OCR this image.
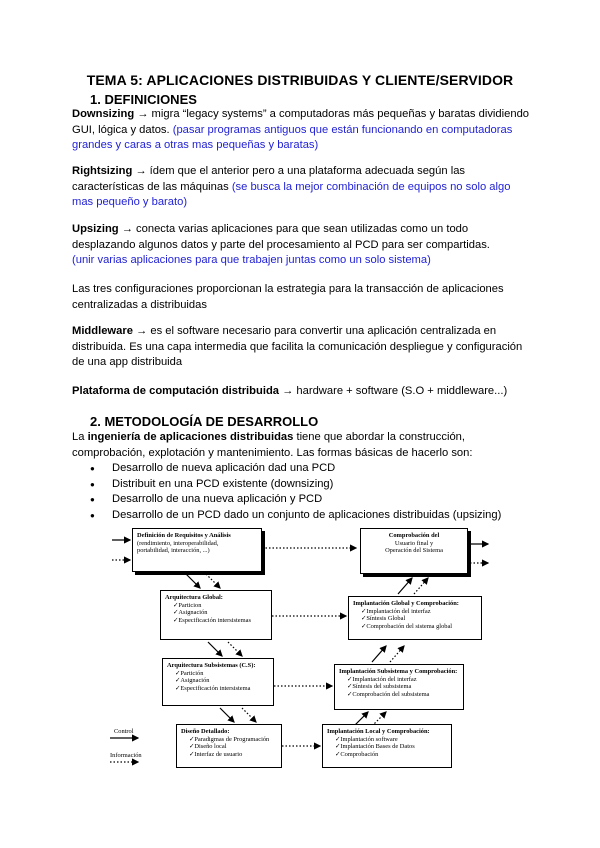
TEMA 5: APLICACIONES DISTRIBUIDAS Y CLIENTE/SERVIDOR
1. DEFINICIONES
Downsizing → migra “legacy systems” a computadoras más pequeñas y baratas dividiendo GUI, lógica y datos. (pasar programas antiguos que están funcionando en computadoras grandes y caras a otras mas pequeñas y baratas)
Rightsizing → ídem que el anterior pero a una plataforma adecuada según las características de las máquinas (se busca la mejor combinación de equipos no solo algo mas pequeño y barato)
Upsizing → conecta varias aplicaciones para que sean utilizadas como un todo desplazando algunos datos y parte del procesamiento al PCD para ser compartidas.
(unir varias aplicaciones para que trabajen juntas como un solo sistema)
Las tres configuraciones proporcionan la estrategia para la transacción de aplicaciones centralizadas a distribuidas
Middleware → es el software necesario para convertir una aplicación centralizada en distribuida. Es una capa intermedia que facilita la comunicación despliegue y configuración de una app distribuida
Plataforma de computación distribuida → hardware + software (S.O + middleware...)
2. METODOLOGÍA DE DESARROLLO
La ingeniería de aplicaciones distribuidas tiene que abordar la construcción, comprobación, explotación y mantenimiento. Las formas básicas de hacerlo son:
● Desarrollo de nueva aplicación dad una PCD
● Distribuit en una PCD existente (downsizing)
● Desarrollo de una nueva aplicación y PCD
● Desarrollo de un PCD dado un conjunto de aplicaciones distribuidas (upsizing)
Definición de Requisitos y Análisis
(rendimiento, interoperabilidad,
portabilidad, interacción, ...)
Comprobación del
Usuario final y
Operación del Sistema
Arquitectura Global:
✓Particion
✓Asignación
✓Especificación intersistemas
Implantación Global y Comprobación:
✓Implantación del interfaz
✓Síntesis Global
✓Comprobación del sistema global
Arquitectura Subsistemas (C.S):
✓Partición
✓Asignación
✓Especificación intersistema
Implantación Subsistema y Comprobación:
✓Implantación del interfaz
✓Síntesis del subsistema
✓Comprobación del subsistema
Diseño Detallado:
✓Paradigmas de Programación
✓Diseño local
✓Interfaz de usuario
Implantación Local y Comprobación:
✓Implantación software
✓Implantación Bases de Datos
✓Comprobación
Control
Información
